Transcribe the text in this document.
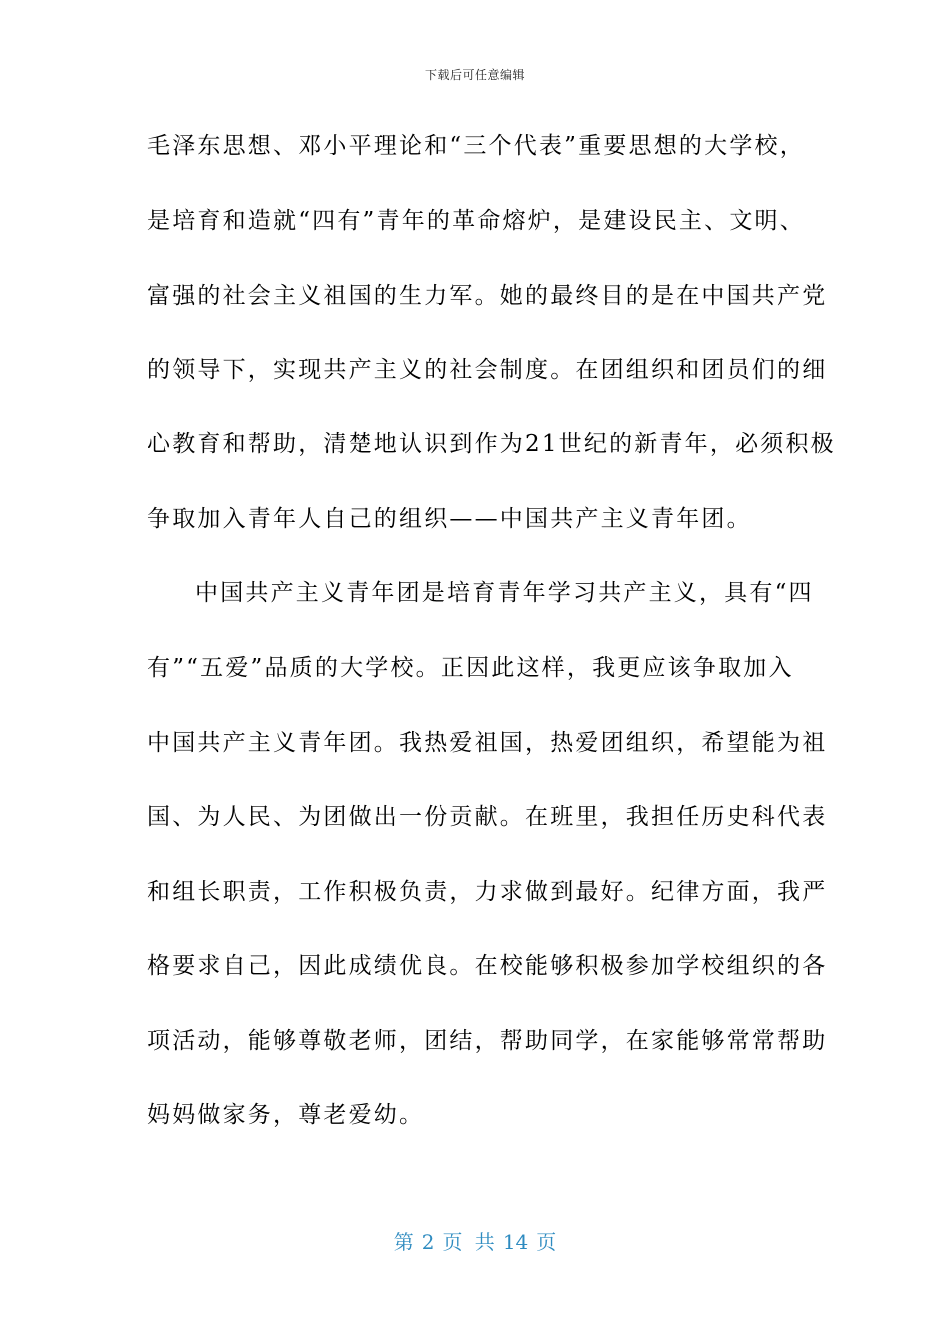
下载后可任意编辑
毛泽东思想、邓小平理论和“三个代表”重要思想的大学校，
是培育和造就“四有”青年的革命熔炉，是建设民主、文明、
富强的社会主义祖国的生力军。她的最终目的是在中国共产党
的领导下，实现共产主义的社会制度。在团组织和团员们的细
心教育和帮助，清楚地认识到作为21世纪的新青年，必须积极
争取加入青年人自己的组织——中国共产主义青年团。
中国共产主义青年团是培育青年学习共产主义，具有“四
有”“五爱”品质的大学校。正因此这样，我更应该争取加入
中国共产主义青年团。我热爱祖国，热爱团组织，希望能为祖
国、为人民、为团做出一份贡献。在班里，我担任历史科代表
和组长职责，工作积极负责，力求做到最好。纪律方面，我严
格要求自己，因此成绩优良。在校能够积极参加学校组织的各
项活动，能够尊敬老师，团结，帮助同学，在家能够常常帮助
妈妈做家务，尊老爱幼。
第 2 页 共 14 页
